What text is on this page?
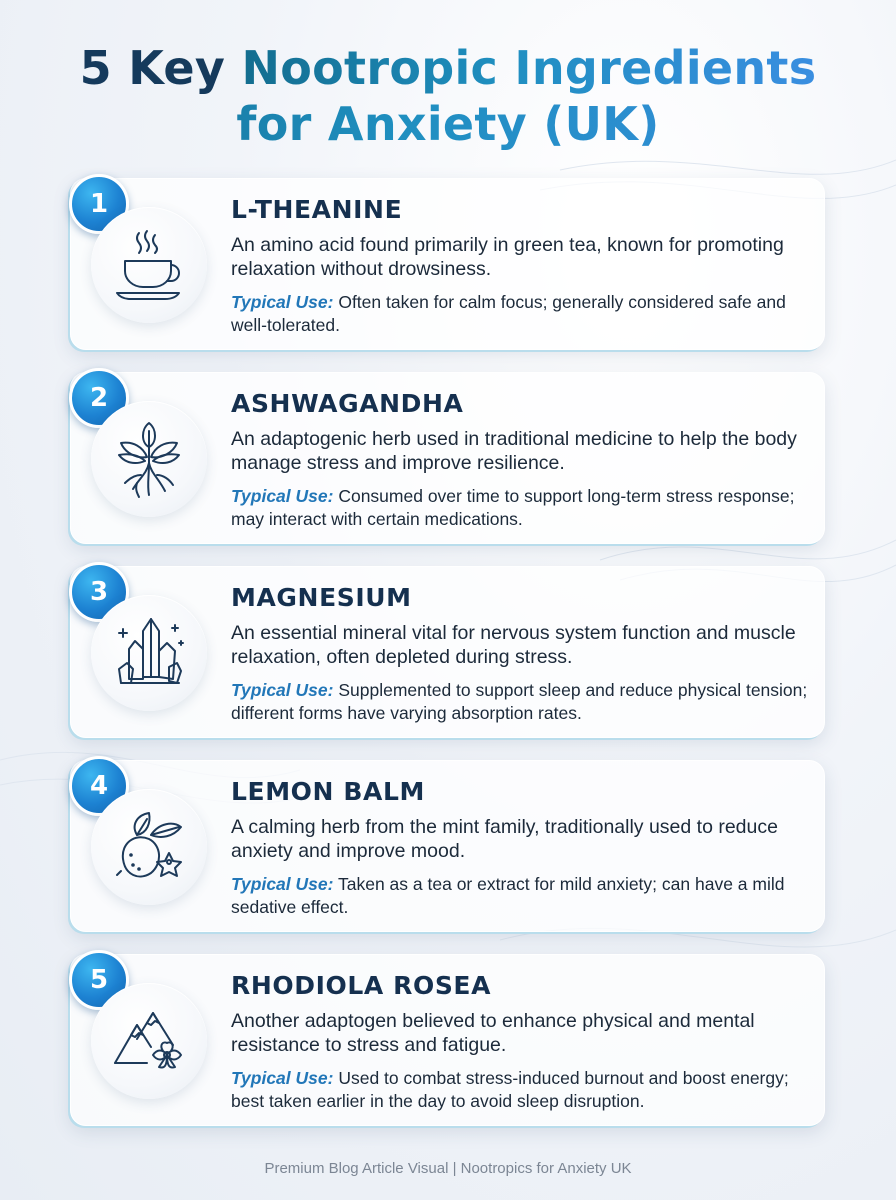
5 Key Nootropic Ingredients

for Anxiety (UK)

1	L-THEANINE

An amino acid found primarily in green tea, known for promoting relaxation without drowsiness.

Typical Use: Often taken for calm focus; generally considered safe and well-tolerated.

2	ASHWAGANDHA

An adaptogenic herb used in traditional medicine to help the body manage stress and improve resilience.

Typical Use: Consumed over time to support long-term stress response; may interact with certain medications.

3	MAGNESIUM

An essential mineral vital for nervous system function and muscle relaxation, often depleted during stress.

Typical Use: Supplemented to support sleep and reduce physical tension; different forms have varying absorption rates.

4	LEMON BALM

A calming herb from the mint family, traditionally used to reduce anxiety and improve mood.

Typical Use: Taken as a tea or extract for mild anxiety; can have a mild sedative effect.

5	RHODIOLA ROSEA

Another adaptogen believed to enhance physical and mental resistance to stress and fatigue.

Typical Use: Used to combat stress-induced burnout and boost energy; best taken earlier in the day to avoid sleep disruption.

Premium Blog Article Visual | Nootropics for Anxiety UK
